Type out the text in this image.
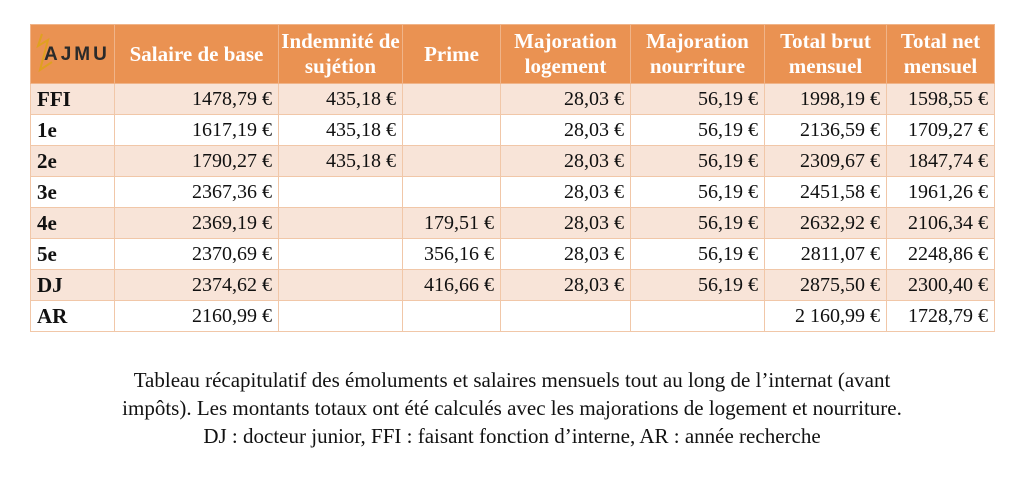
AJMU	Salaire de base	Indemnité de sujétion	Prime	Majoration logement	Majoration nourriture	Total brut mensuel	Total net mensuel
FFI	1478,79 €	435,18 €		28,03 €	56,19 €	1998,19 €	1598,55 €
1e	1617,19 €	435,18 €		28,03 €	56,19 €	2136,59 €	1709,27 €
2e	1790,27 €	435,18 €		28,03 €	56,19 €	2309,67 €	1847,74 €
3e	2367,36 €			28,03 €	56,19 €	2451,58 €	1961,26 €
4e	2369,19 €		179,51 €	28,03 €	56,19 €	2632,92 €	2106,34 €
5e	2370,69 €		356,16 €	28,03 €	56,19 €	2811,07 €	2248,86 €
DJ	2374,62 €		416,66 €	28,03 €	56,19 €	2875,50 €	2300,40 €
AR	2160,99 €					2 160,99 €	1728,79 €
Tableau récapitulatif des émoluments et salaires mensuels tout au long de l’internat (avant
impôts). Les montants totaux ont été calculés avec les majorations de logement et nourriture.
DJ : docteur junior, FFI : faisant fonction d’interne, AR : année recherche
